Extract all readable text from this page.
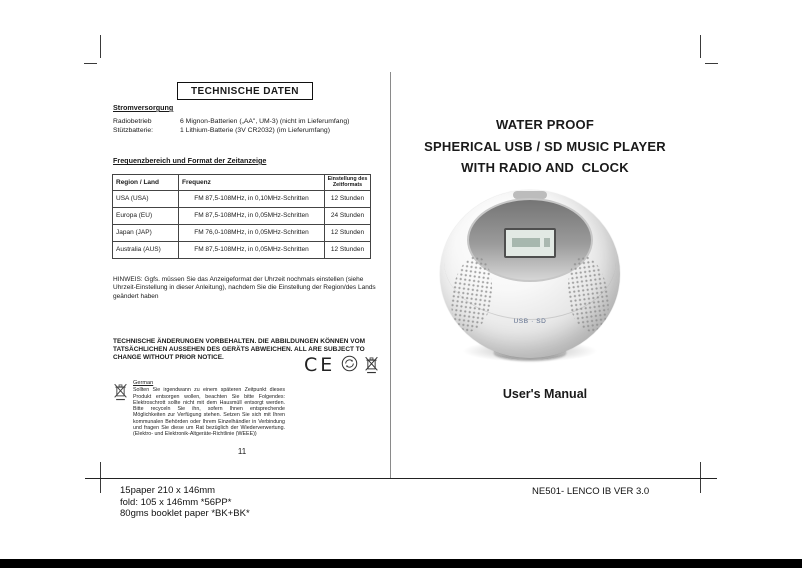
TECHNISCHE DATEN
Stromversorgung
Radiobetrieb	6 Mignon-Batterien („AA", UM-3) (nicht im Lieferumfang)
Stützbatterie:	1 Lithium-Batterie (3V CR2032) (im Lieferumfang)
Frequenzbereich und Format der Zeitanzeige
Region / Land	Frequenz	Einstellung des Zeitformats
USA (USA)	FM 87,5-108MHz, in 0,10MHz-Schritten	12 Stunden
Europa (EU)	FM 87,5-108MHz, in 0,05MHz-Schritten	24 Stunden
Japan (JAP)	FM 76,0-108MHz, in 0,05MHz-Schritten	12 Stunden
Australia (AUS)	FM 87,5-108MHz, in 0,05MHz-Schritten	12 Stunden
HINWEIS: Ggfs. müssen Sie das Anzeigeformat der Uhrzeit nochmals einstellen (siehe Uhrzeit-Einstellung in dieser Anleitung), nachdem Sie die Einstellung der Region/des Lands geändert haben
TECHNISCHE ÄNDERUNGEN VORBEHALTEN. DIE ABBILDUNGEN KÖNNEN VOM TATSÄCHLICHEN AUSSEHEN DES GERÄTS ABWEICHEN. ALL ARE SUBJECT TO CHANGE WITHOUT PRIOR NOTICE.	CE
German
Sollten Sie irgendwann zu einem späteren Zeitpunkt dieses Produkt entsorgen wollen, beachten Sie bitte Folgendes: Elektroschrott sollte nicht mit dem Hausmüll entsorgt werden. Bitte recyceln Sie ihn, sofern Ihnen entsprechende Möglichkeiten zur Verfügung stehen. Setzen Sie sich mit Ihren kommunalen Behörden oder Ihrem Einzelhändler in Verbindung und fragen Sie diese um Rat bezüglich der Wiederverwertung. (Elektro- und Elektronik-Altgeräte-Richtlinie (WEEE))
11
WATER PROOF
SPHERICAL USB / SD MUSIC PLAYER
WITH RADIO AND  CLOCK
USB · SD
User's Manual
15paper 210 x 146mm
fold: 105 x 146mm *56PP*
80gms booklet paper *BK+BK*
NE501- LENCO IB VER 3.0
